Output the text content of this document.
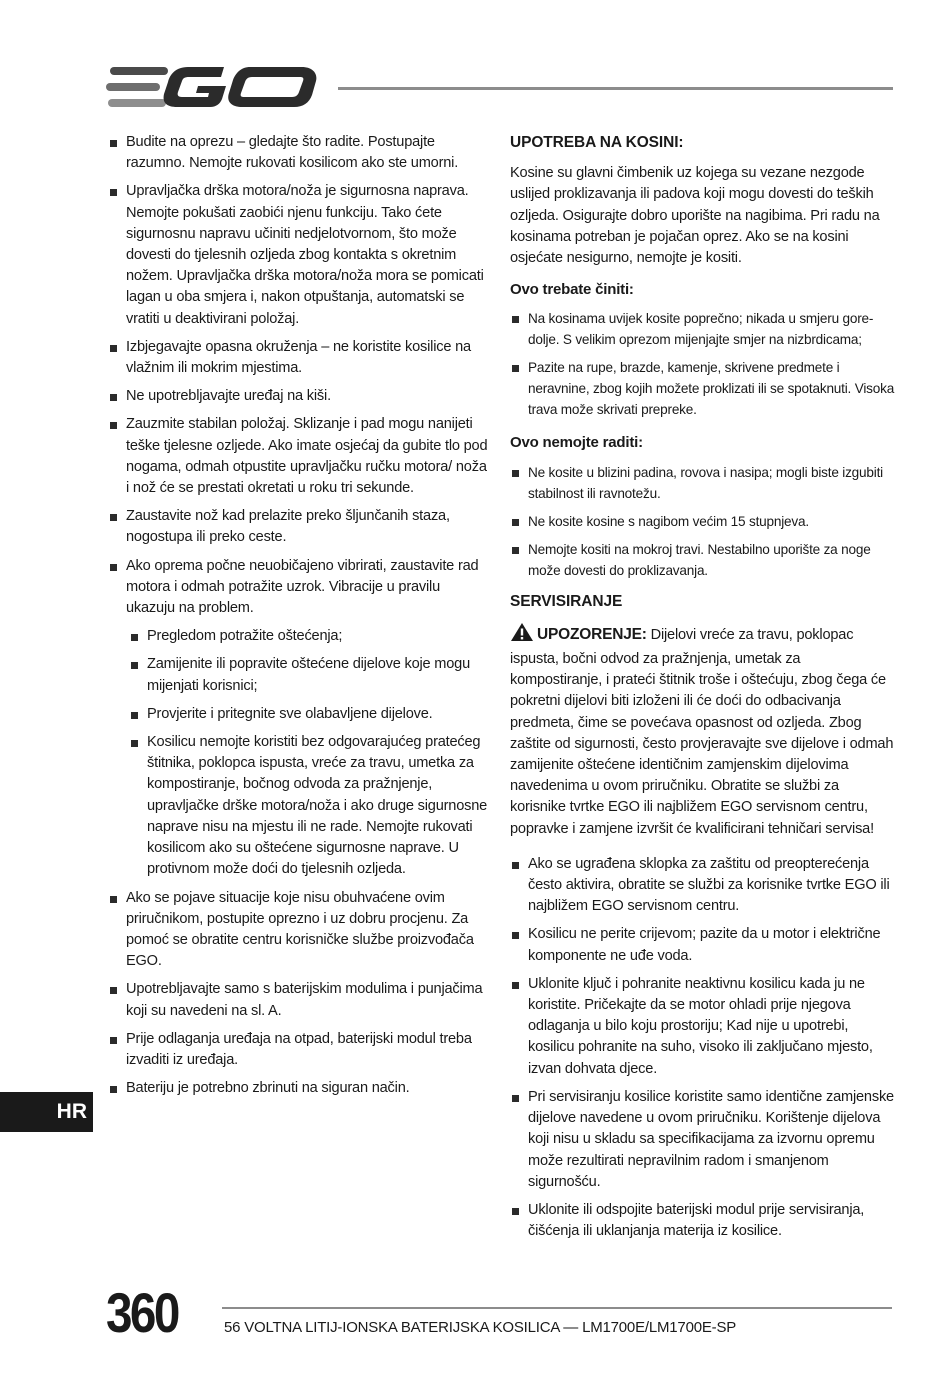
Budite na oprezu – gledajte što radite. Postupajte razumno. Nemojte rukovati kosilicom ako ste umorni.
Upravljačka drška motora/noža je sigurnosna naprava. Nemojte pokušati zaobići njenu funkciju. Tako ćete sigurnosnu napravu učiniti nedjelotvornom, što može dovesti do tjelesnih ozljeda zbog kontakta s okretnim nožem. Upravljačka drška motora/noža mora se pomicati lagan u oba smjera i, nakon otpuštanja, automatski se vratiti u deaktivirani položaj.
Izbjegavajte opasna okruženja – ne koristite kosilice na vlažnim ili mokrim mjestima.
Ne upotrebljavajte uređaj na kiši.
Zauzmite stabilan položaj. Sklizanje i pad mogu nanijeti teške tjelesne ozljede. Ako imate osjećaj da gubite tlo pod nogama, odmah otpustite upravljačku ručku motora/ noža i nož će se prestati okretati u roku tri sekunde.
Zaustavite nož kad prelazite preko šljunčanih staza, nogostupa ili preko ceste.
Ako oprema počne neuobičajeno vibrirati, zaustavite rad motora i odmah potražite uzrok. Vibracije u pravilu ukazuju na problem.
Pregledom potražite oštećenja;
Zamijenite ili popravite oštećene dijelove koje mogu mijenjati korisnici;
Provjerite i pritegnite sve olabavljene dijelove.
Kosilicu nemojte koristiti bez odgovarajućeg pratećeg štitnika, poklopca ispusta, vreće za travu, umetka za kompostiranje, bočnog odvoda za pražnjenje, upravljačke drške motora/noža i ako druge sigurnosne naprave nisu na mjestu ili ne rade. Nemojte rukovati kosilicom ako su oštećene sigurnosne naprave. U protivnom može doći do tjelesnih ozljeda.
Ako se pojave situacije koje nisu obuhvaćene ovim priručnikom, postupite oprezno i uz dobru procjenu. Za pomoć se obratite centru korisničke službe proizvođača EGO.
Upotrebljavajte samo s baterijskim modulima i punjačima koji su navedeni na sl. A.
Prije odlaganja uređaja na otpad, baterijski modul treba izvaditi iz uređaja.
Bateriju je potrebno zbrinuti na siguran način.
UPOTREBA NA KOSINI:

Kosine su glavni čimbenik uz kojega su vezane nezgode uslijed proklizavanja ili padova koji mogu dovesti do teških ozljeda. Osigurajte dobro uporište na nagibima. Pri radu na kosinama potreban je pojačan oprez. Ako se na kosini osjećate nesigurno, nemojte je kositi.

Ovo trebate činiti:
Na kosinama uvijek kosite poprečno; nikada u smjeru gore-dolje. S velikim oprezom mijenjajte smjer na nizbrdicama;
Pazite na rupe, brazde, kamenje, skrivene predmete i neravnine, zbog kojih možete proklizati ili se spotaknuti. Visoka trava može skrivati prepreke.
Ovo nemojte raditi:
Ne kosite u blizini padina, rovova i nasipa; mogli biste izgubiti stabilnost ili ravnotežu.
Ne kosite kosine s nagibom većim 15 stupnjeva.
Nemojte kositi na mokroj travi. Nestabilno uporište za noge može dovesti do proklizavanja.
SERVISIRANJE

UPOZORENJE: Dijelovi vreće za travu, poklopac ispusta, bočni odvod za pražnjenja, umetak za kompostiranje, i prateći štitnik troše i oštećuju, zbog čega će pokretni dijelovi biti izloženi ili će doći do odbacivanja predmeta, čime se povećava opasnost od ozljeda. Zbog zaštite od sigurnosti, često provjeravajte sve dijelove i odmah zamijenite oštećene identičnim zamjenskim dijelovima navedenima u ovom priručniku. Obratite se službi za korisnike tvrtke EGO ili najbližem EGO servisnom centru, popravke i zamjene izvršit će kvalificirani tehničari servisa!

Ako se ugrađena sklopka za zaštitu od preopterećenja često aktivira, obratite se službi za korisnike tvrtke EGO ili najbližem EGO servisnom centru.
Kosilicu ne perite crijevom; pazite da u motor i električne komponente ne uđe voda.
Uklonite ključ i pohranite neaktivnu kosilicu kada ju ne koristite. Pričekajte da se motor ohladi prije njegova odlaganja u bilo koju prostoriju; Kad nije u upotrebi, kosilicu pohranite na suho, visoko ili zaključano mjesto, izvan dohvata djece.
Pri servisiranju kosilice koristite samo identične zamjenske dijelove navedene u ovom priručniku. Korištenje dijelova koji nisu u skladu sa specifikacijama za izvornu opremu može rezultirati nepravilnim radom i smanjenom sigurnošću.
Uklonite ili odspojite baterijski modul prije servisiranja, čišćenja ili uklanjanja materija iz kosilice.
HR
360	56 VOLTNA LITIJ-IONSKA BATERIJSKA KOSILICA — LM1700E/LM1700E-SP
